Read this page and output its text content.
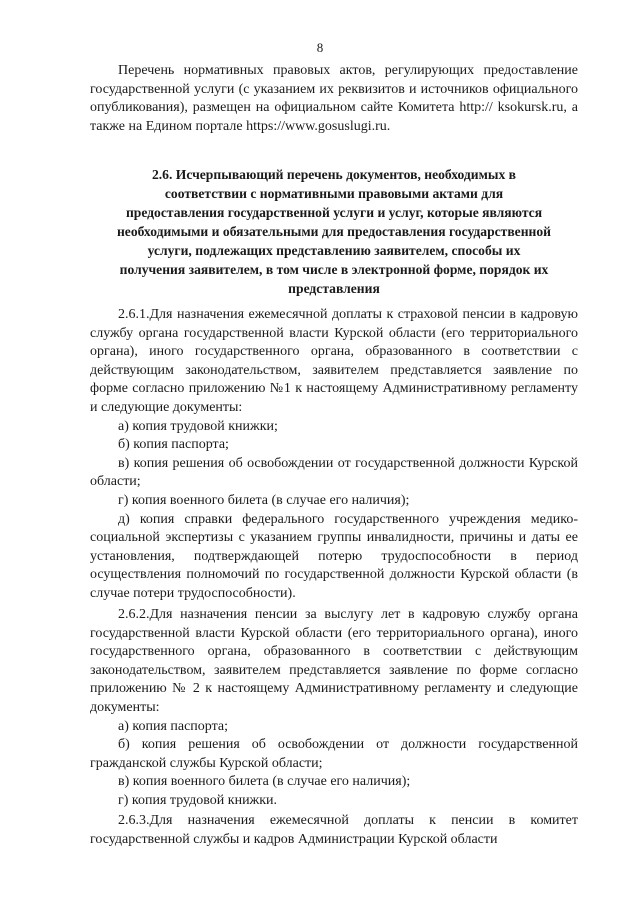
8

Перечень нормативных правовых актов, регулирующих предоставление государственной услуги (с указанием их реквизитов и источников официального опубликования), размещен на официальном сайте Комитета http:// ksokursk.ru, а также на Едином портале https://www.gosuslugi.ru.

2.6. Исчерпывающий перечень документов, необходимых в
соответствии с нормативными правовыми актами для
предоставления государственной услуги и услуг, которые являются
необходимыми и обязательными для предоставления государственной
услуги, подлежащих представлению заявителем, способы их
получения заявителем, в том числе в электронной форме, порядок их
представления

2.6.1.Для назначения ежемесячной доплаты к страховой пенсии в кадровую службу органа государственной власти Курской области (его территориального органа), иного государственного органа, образованного в соответствии с действующим законодательством, заявителем представляется заявление по форме согласно приложению №1 к настоящему Административному регламенту и следующие документы:

а) копия трудовой книжки;

б) копия паспорта;

в) копия решения об освобождении от государственной должности Курской области;

г) копия военного билета (в случае его наличия);

д) копия справки федерального государственного учреждения медико-социальной экспертизы с указанием группы инвалидности, причины и даты ее установления, подтверждающей потерю трудоспособности в период осуществления полномочий по государственной должности Курской области (в случае потери трудоспособности).

2.6.2.Для назначения пенсии за выслугу лет в кадровую службу органа государственной власти Курской области (его территориального органа), иного государственного органа, образованного в соответствии с действующим законодательством, заявителем представляется заявление по форме согласно приложению № 2 к настоящему Административному регламенту и следующие документы:

а) копия паспорта;

б) копия решения об освобождении от должности государственной гражданской службы Курской области;

в) копия военного билета (в случае его наличия);

г) копия трудовой книжки.

2.6.3.Для назначения ежемесячной доплаты к пенсии в комитет государственной службы и кадров Администрации Курской области
